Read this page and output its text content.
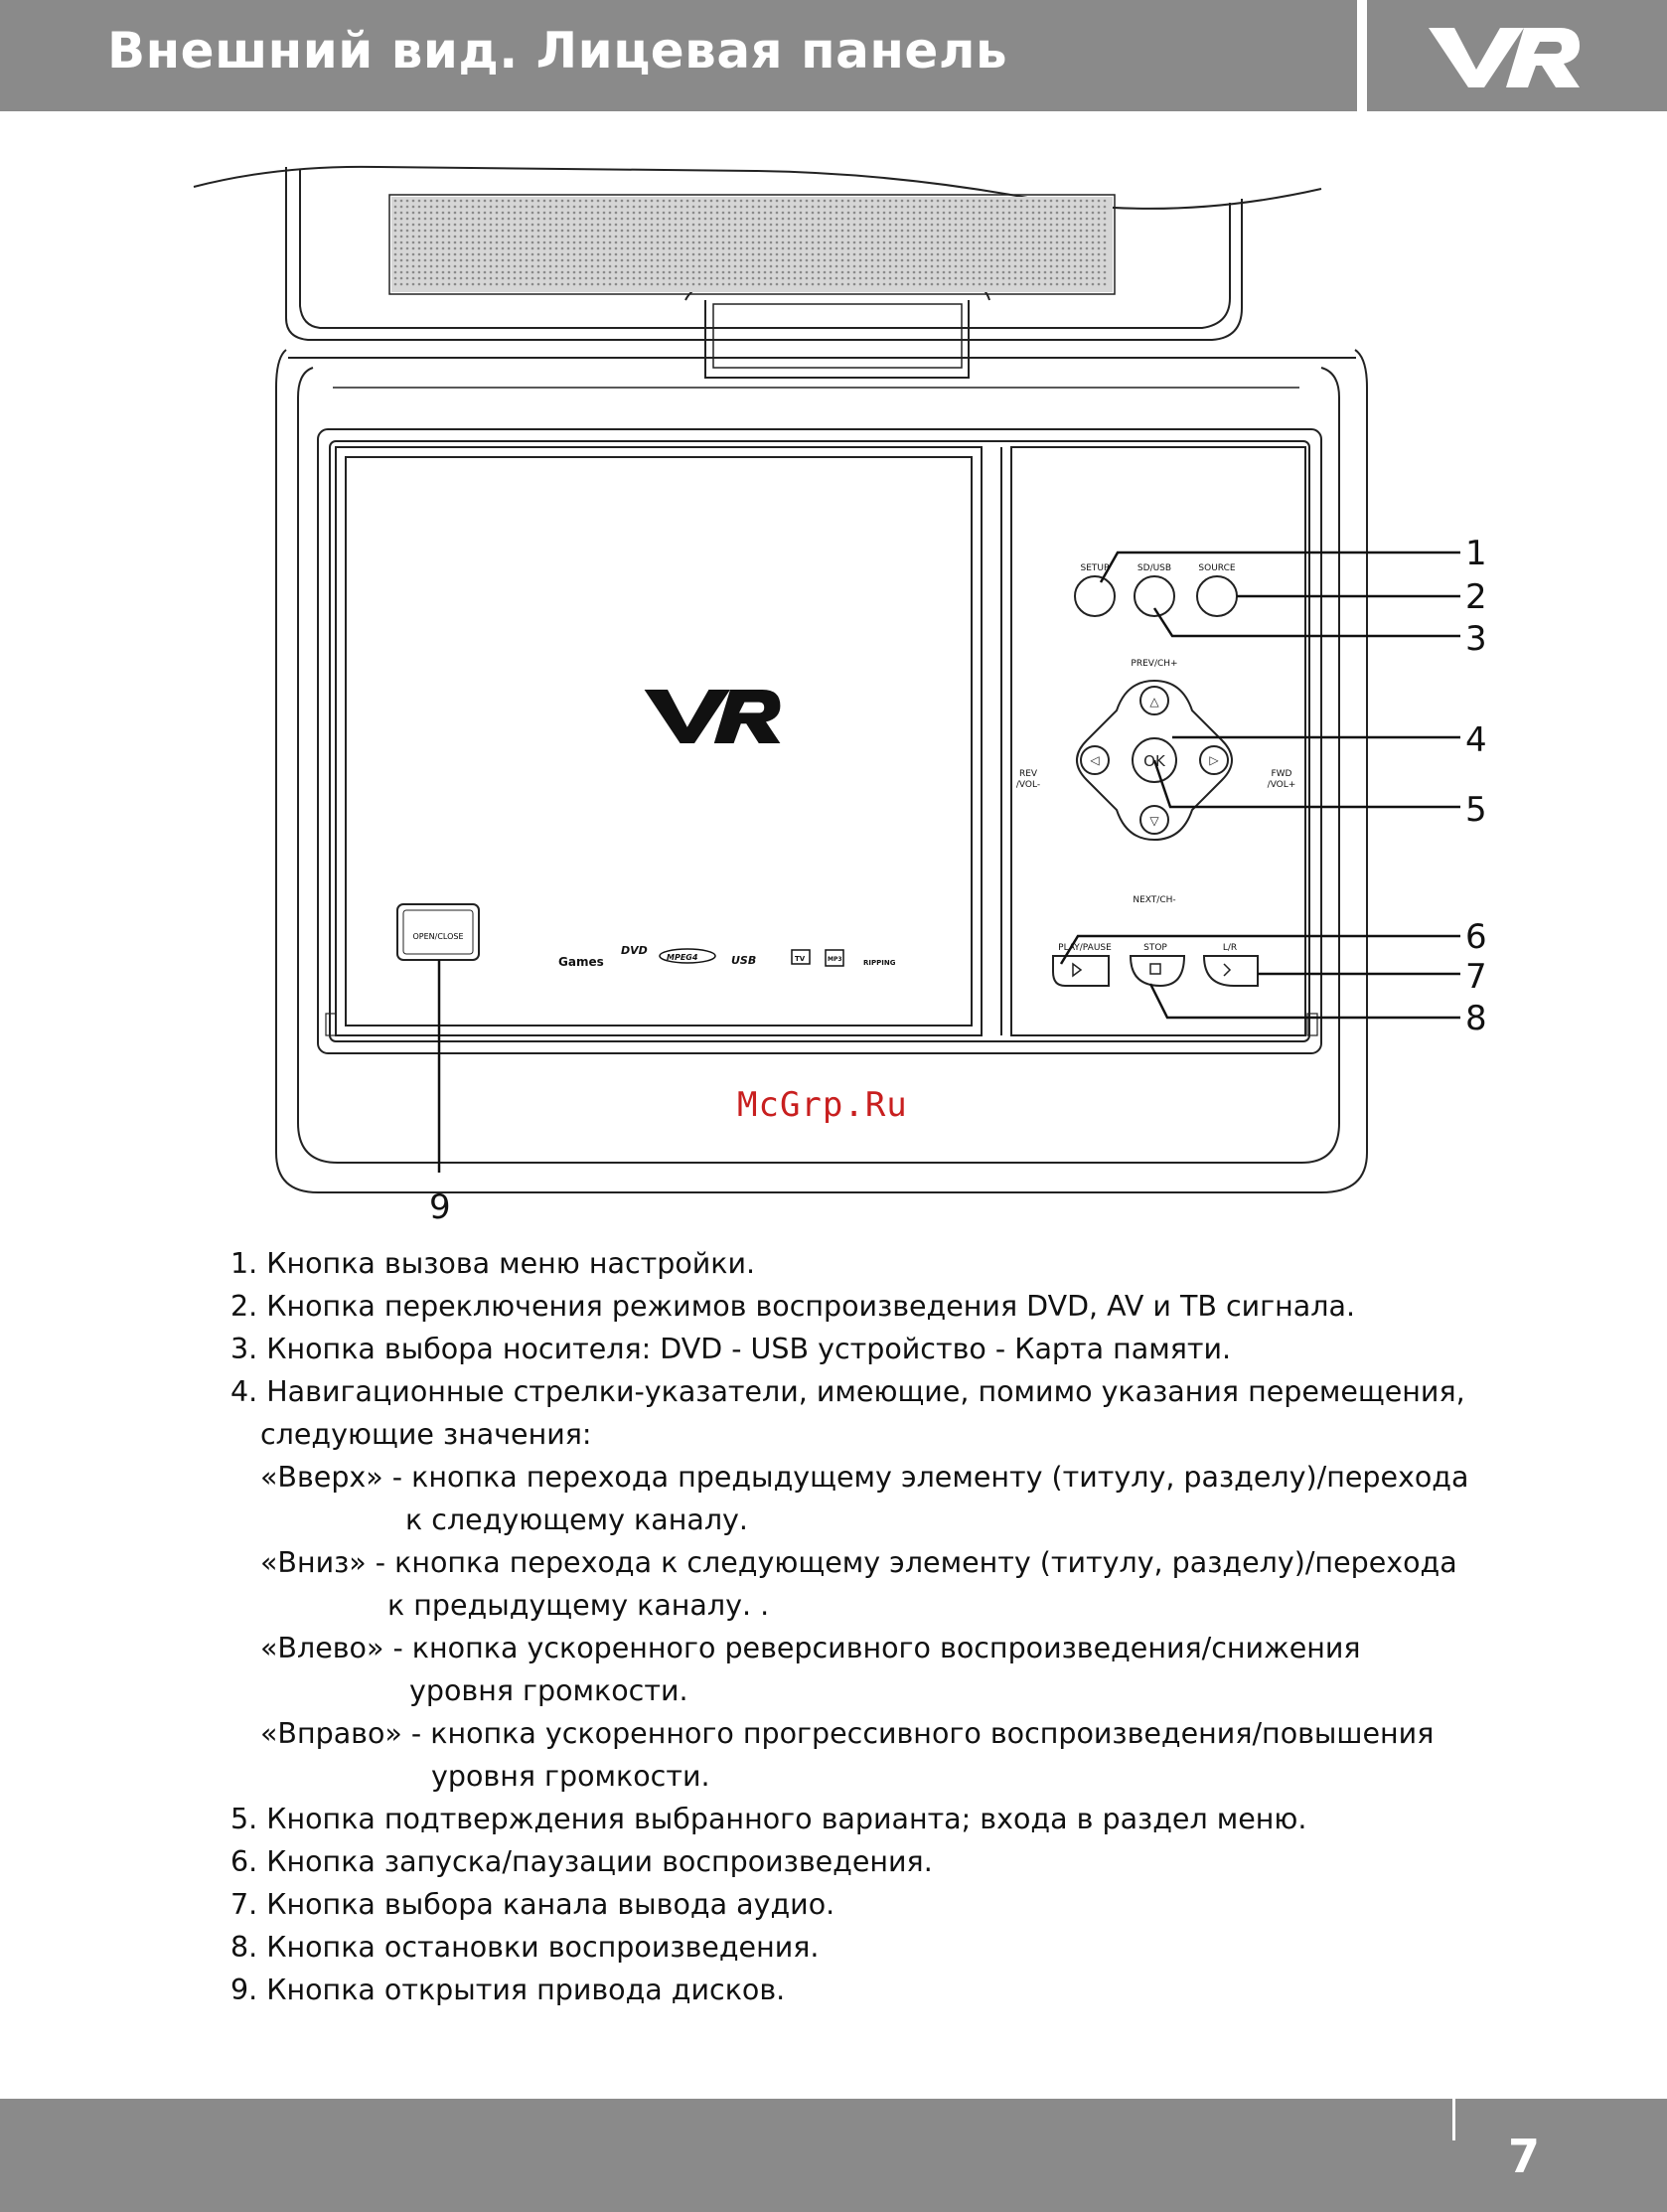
Внешний вид. Лицевая панель
OPEN/CLOSE
Games
DVD
MPEG4	USB	TV	MP3	RIPPING
SETUP	SD/USB	SOURCE
PREV/CH+
NEXT/CH-
REV
/VOL-
FWD
/VOL+
PLAY/PAUSE	STOP	L/R
△
▽
◁	▷
OK
1
2
3
4
5
6
7
8
9
McGrp.Ru
1. Кнопка вызова меню настройки.
2. Кнопка переключения режимов воспроизведения DVD, AV и ТВ сигнала.
3. Кнопка выбора носителя: DVD - USB устройство - Карта памяти.
4. Навигационные стрелки-указатели, имеющие, помимо указания перемещения,
следующие значения:
«Вверх» - кнопка перехода предыдущему элементу (титулу, разделу)/перехода
к следующему каналу.
«Вниз» - кнопка перехода к следующему элементу (титулу, разделу)/перехода
к предыдущему каналу. .
«Влево» - кнопка ускоренного реверсивного воспроизведения/снижения
уровня громкости.
«Вправо» - кнопка ускоренного прогрессивного воспроизведения/повышения
уровня громкости.
5. Кнопка подтверждения выбранного варианта; входа в раздел меню.
6. Кнопка запуска/паузации воспроизведения.
7. Кнопка выбора канала вывода аудио.
8. Кнопка остановки воспроизведения.
9. Кнопка открытия привода дисков.
7
